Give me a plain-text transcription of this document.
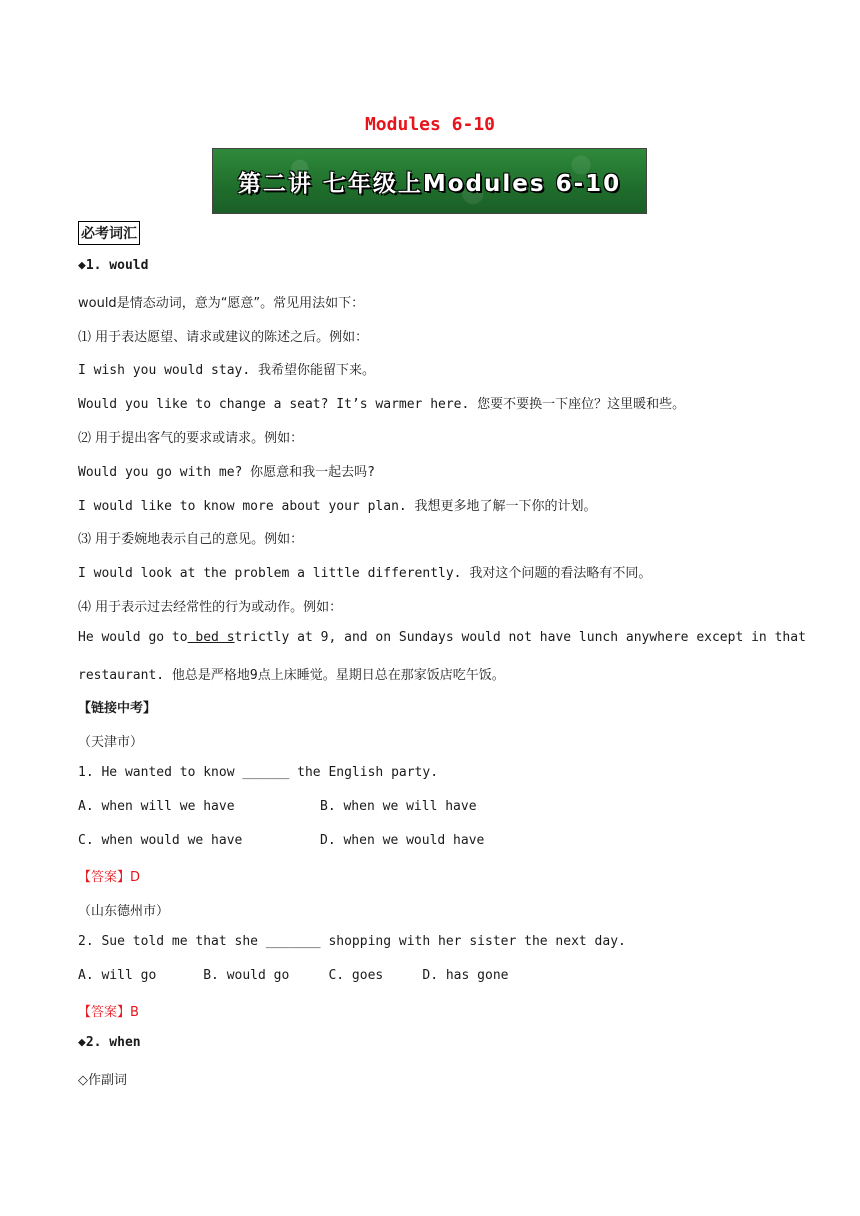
Modules 6-10
第二讲 七年级上Modules 6-10
必考词汇
◆1. would
would是情态动词，意为“愿意”。常见用法如下：
⑴ 用于表达愿望、请求或建议的陈述之后。例如：
I wish you would stay. 我希望你能留下来。
Would you like to change a seat? It’s warmer here. 您要不要换一下座位？这里暖和些。
⑵ 用于提出客气的要求或请求。例如：
Would you go with me? 你愿意和我一起去吗?
I would like to know more about your plan. 我想更多地了解一下你的计划。
⑶ 用于委婉地表示自己的意见。例如：
I would look at the problem a little differently. 我对这个问题的看法略有不同。
⑷ 用于表示过去经常性的行为或动作。例如：
He would go to bed strictly at 9, and on Sundays would not have lunch anywhere except in that
restaurant. 他总是严格地9点上床睡觉。星期日总在那家饭店吃午饭。
【链接中考】
（天津市）
1. He wanted to know ______ the English party.
A. when will we have	B. when we will have
C. when would we have	D. when we would have
【答案】D
（山东德州市）
2. Sue told me that she _______ shopping with her sister the next day.
A. will go      B. would go     C. goes     D. has gone
【答案】B
◆2. when
◇作副词
